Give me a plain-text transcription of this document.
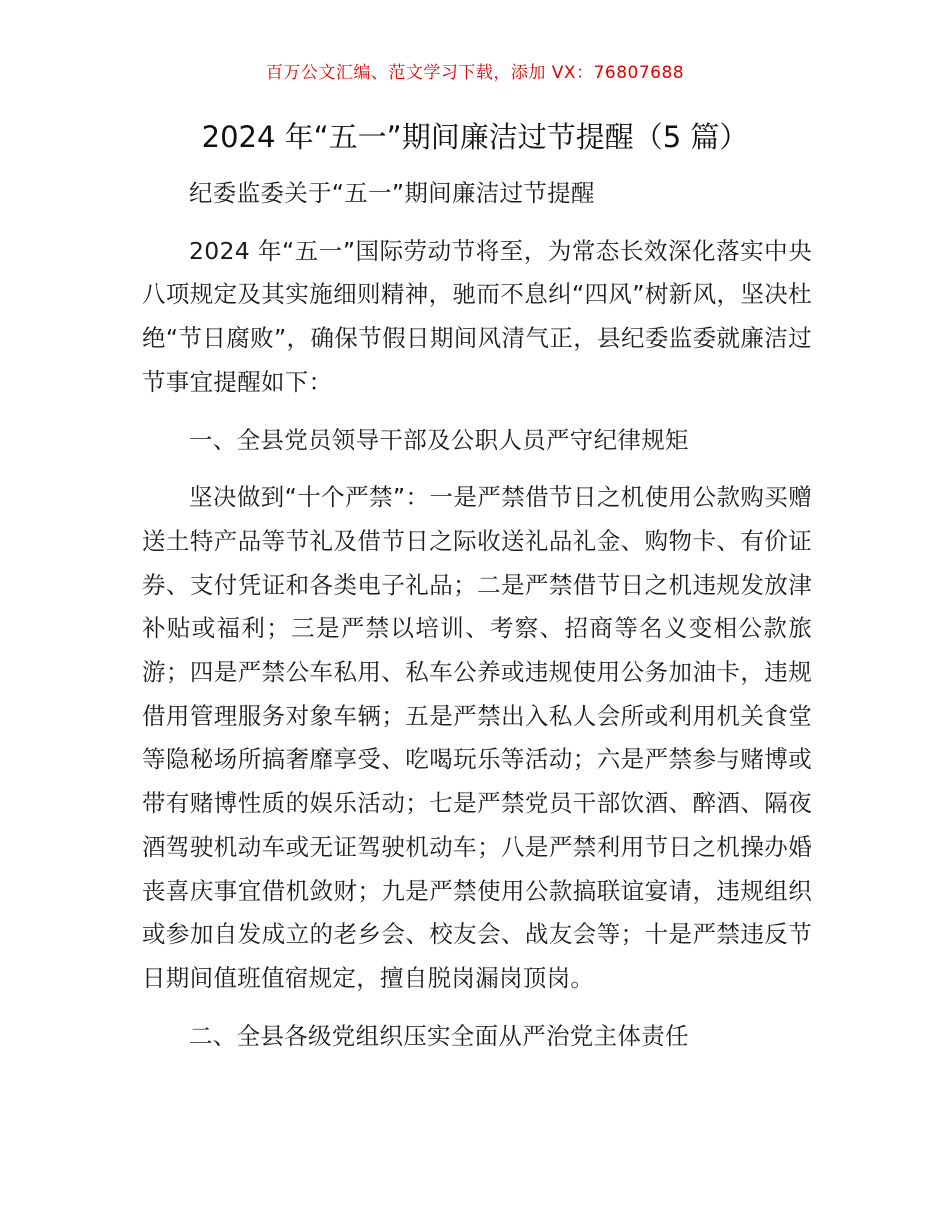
百万公文汇编、范文学习下载，添加 VX：76807688
2024 年“五一”期间廉洁过节提醒（5 篇）

纪委监委关于“五一”期间廉洁过节提醒

2024 年“五一”国际劳动节将至，为常态长效深化落实中央八项规定及其实施细则精神，驰而不息纠“四风”树新风，坚决杜绝“节日腐败”，确保节假日期间风清气正，县纪委监委就廉洁过节事宜提醒如下：

一、全县党员领导干部及公职人员严守纪律规矩

坚决做到“十个严禁”：一是严禁借节日之机使用公款购买赠送土特产品等节礼及借节日之际收送礼品礼金、购物卡、有价证券、支付凭证和各类电子礼品；二是严禁借节日之机违规发放津补贴或福利；三是严禁以培训、考察、招商等名义变相公款旅游；四是严禁公车私用、私车公养或违规使用公务加油卡，违规借用管理服务对象车辆；五是严禁出入私人会所或利用机关食堂等隐秘场所搞奢靡享受、吃喝玩乐等活动；六是严禁参与赌博或带有赌博性质的娱乐活动；七是严禁党员干部饮酒、醉酒、隔夜酒驾驶机动车或无证驾驶机动车；八是严禁利用节日之机操办婚丧喜庆事宜借机敛财；九是严禁使用公款搞联谊宴请，违规组织或参加自发成立的老乡会、校友会、战友会等；十是严禁违反节日期间值班值宿规定，擅自脱岗漏岗顶岗。

二、全县各级党组织压实全面从严治党主体责任
